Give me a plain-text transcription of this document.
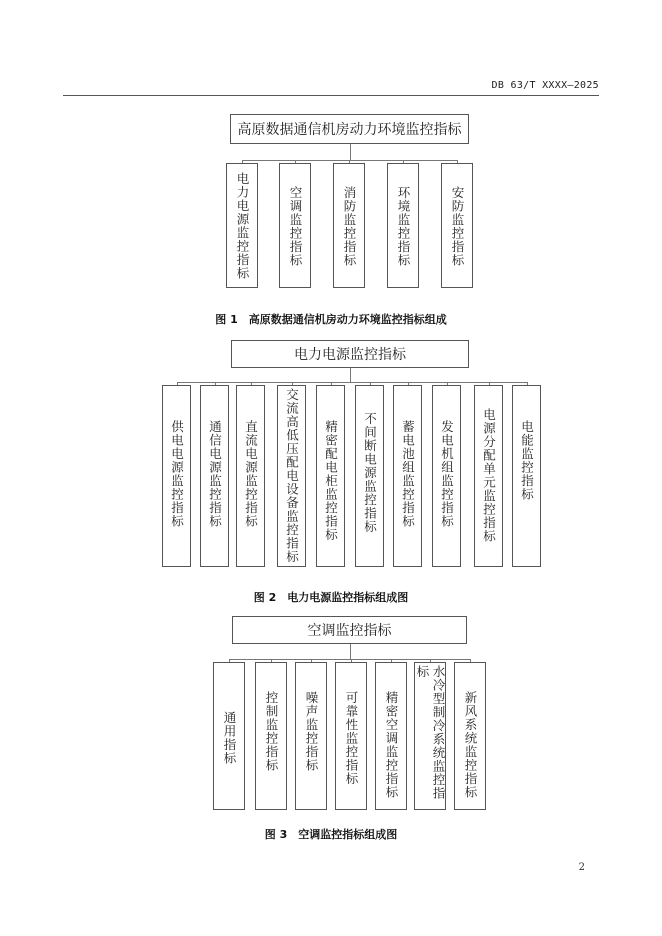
DB 63/T XXXX—2025
高原数据通信机房动力环境监控指标
电力电源监控指标	空调监控指标	消防监控指标	环境监控指标	安防监控指标
电力电源监控指标
供电电源监控指标 通信电源监控指标 直流电源监控指标 交流高低压配电设备监控指标 精密配电柜监控指标 不间断电源监控指标 蓄电池组监控指标 发电机组监控指标 电源分配单元监控指标 电能监控指标
空调监控指标
通用指标 控制监控指标 噪声监控指标 可靠性监控指标 精密空调监控指标	水冷型制冷系统监控指标
新风系统监控指标
图 1　高原数据通信机房动力环境监控指标组成
图 2　电力电源监控指标组成图
图 3　空调监控指标组成图
2
